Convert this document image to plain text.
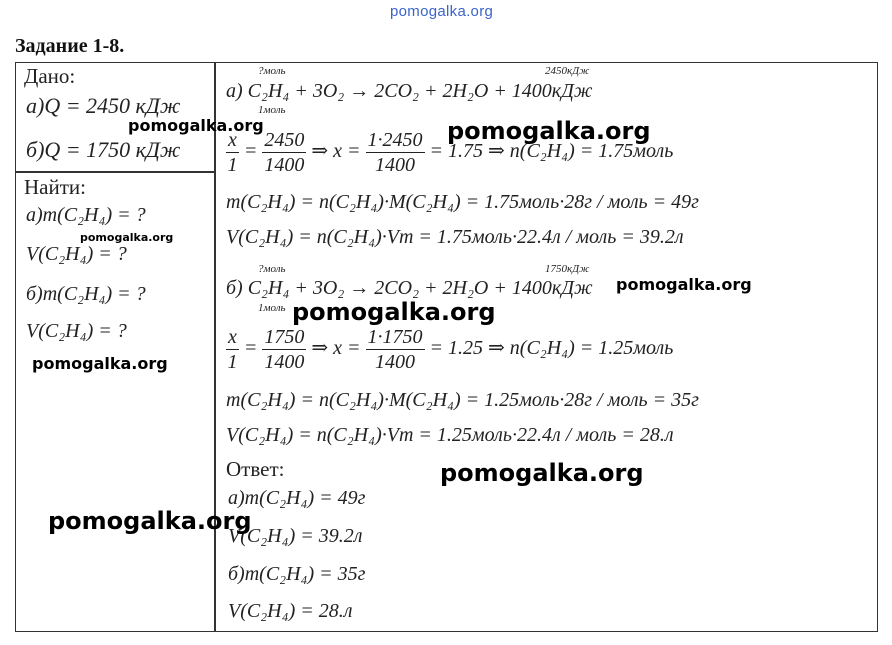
pomogalka.org
Задание 1-8.
Дано:
а)Q = 2450 кДж
б)Q = 1750 кДж
Найти:
а)m(C₂H₄) = ?
V(C₂H₄) = ?
б)m(C₂H₄) = ?
V(C₂H₄) = ?
?моль	2450кДж
а) C₂H₄ + 3O₂ → 2CO₂ + 2H₂O + 1400кДж
1моль
$\frac{x}{1} = \frac{2450}{1400}$ ⇒ $x = \frac{1\cdot 2450}{1400} = 1.75$ ⇒ n(C₂H₄) = 1.75моль
m(C₂H₄) = n(C₂H₄)·M(C₂H₄) = 1.75моль·28г / моль = 49г
V(C₂H₄) = n(C₂H₄)·Vm = 1.75моль·22.4л / моль = 39.2л
?моль	1750кДж
б) C₂H₄ + 3O₂ → 2CO₂ + 2H₂O + 1400кДж
1моль
$\frac{x}{1} = \frac{1750}{1400}$ ⇒ $x = \frac{1\cdot 1750}{1400} = 1.25$ ⇒ n(C₂H₄) = 1.25моль
m(C₂H₄) = n(C₂H₄)·M(C₂H₄) = 1.25моль·28г / моль = 35г
V(C₂H₄) = n(C₂H₄)·Vm = 1.25моль·22.4л / моль = 28.л
Ответ:
а)m(C₂H₄) = 49г
V(C₂H₄) = 39.2л
б)m(C₂H₄) = 35г
V(C₂H₄) = 28.л
pomogalka.org	pomogalka.org
pomogalka.org
pomogalka.org
pomogalka.org
pomogalka.org
pomogalka.org
pomogalka.org
